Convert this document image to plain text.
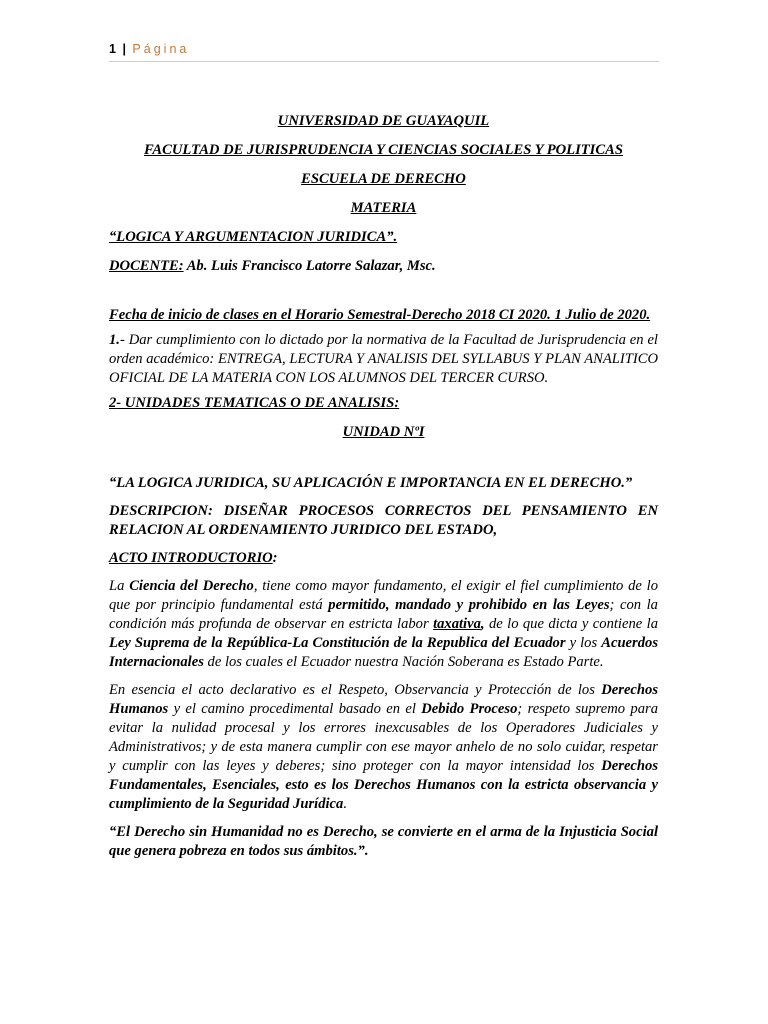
1 | Página

UNIVERSIDAD DE GUAYAQUIL

FACULTAD DE JURISPRUDENCIA Y CIENCIAS SOCIALES Y POLITICAS

ESCUELA DE DERECHO

MATERIA

“LOGICA Y ARGUMENTACION JURIDICA”.

DOCENTE: Ab. Luis Francisco Latorre Salazar, Msc.

Fecha de inicio de clases en el Horario Semestral-Derecho 2018 CI 2020. 1 Julio de 2020.

1.- Dar cumplimiento con lo dictado por la normativa de la Facultad de Jurisprudencia en el orden académico: ENTREGA, LECTURA Y ANALISIS DEL SYLLABUS Y PLAN ANALITICO OFICIAL DE LA MATERIA CON LOS ALUMNOS DEL TERCER CURSO.

2- UNIDADES TEMATICAS O DE ANALISIS:

UNIDAD NºI

“LA LOGICA JURIDICA, SU APLICACIÓN E IMPORTANCIA EN EL DERECHO.”

DESCRIPCION: DISEÑAR PROCESOS CORRECTOS DEL PENSAMIENTO EN RELACION AL ORDENAMIENTO JURIDICO DEL ESTADO,

ACTO INTRODUCTORIO:

La Ciencia del Derecho, tiene como mayor fundamento, el exigir el fiel cumplimiento de lo que por principio fundamental está permitido, mandado y prohibido en las Leyes; con la condición más profunda de observar en estricta labor taxativa, de lo que dicta y contiene la Ley Suprema de la República-La Constitución de la Republica del Ecuador y los Acuerdos Internacionales de los cuales el Ecuador nuestra Nación Soberana es Estado Parte.

En esencia el acto declarativo es el Respeto, Observancia y Protección de los Derechos Humanos y el camino procedimental basado en el Debido Proceso; respeto supremo para evitar la nulidad procesal y los errores inexcusables de los Operadores Judiciales y Administrativos; y de esta manera cumplir con ese mayor anhelo de no solo cuidar, respetar y cumplir con las leyes y deberes; sino proteger con la mayor intensidad los Derechos Fundamentales, Esenciales, esto es los Derechos Humanos con la estricta observancia y cumplimiento de la Seguridad Jurídica.

“El Derecho sin Humanidad no es Derecho, se convierte en el arma de la Injusticia Social que genera pobreza en todos sus ámbitos.”.
